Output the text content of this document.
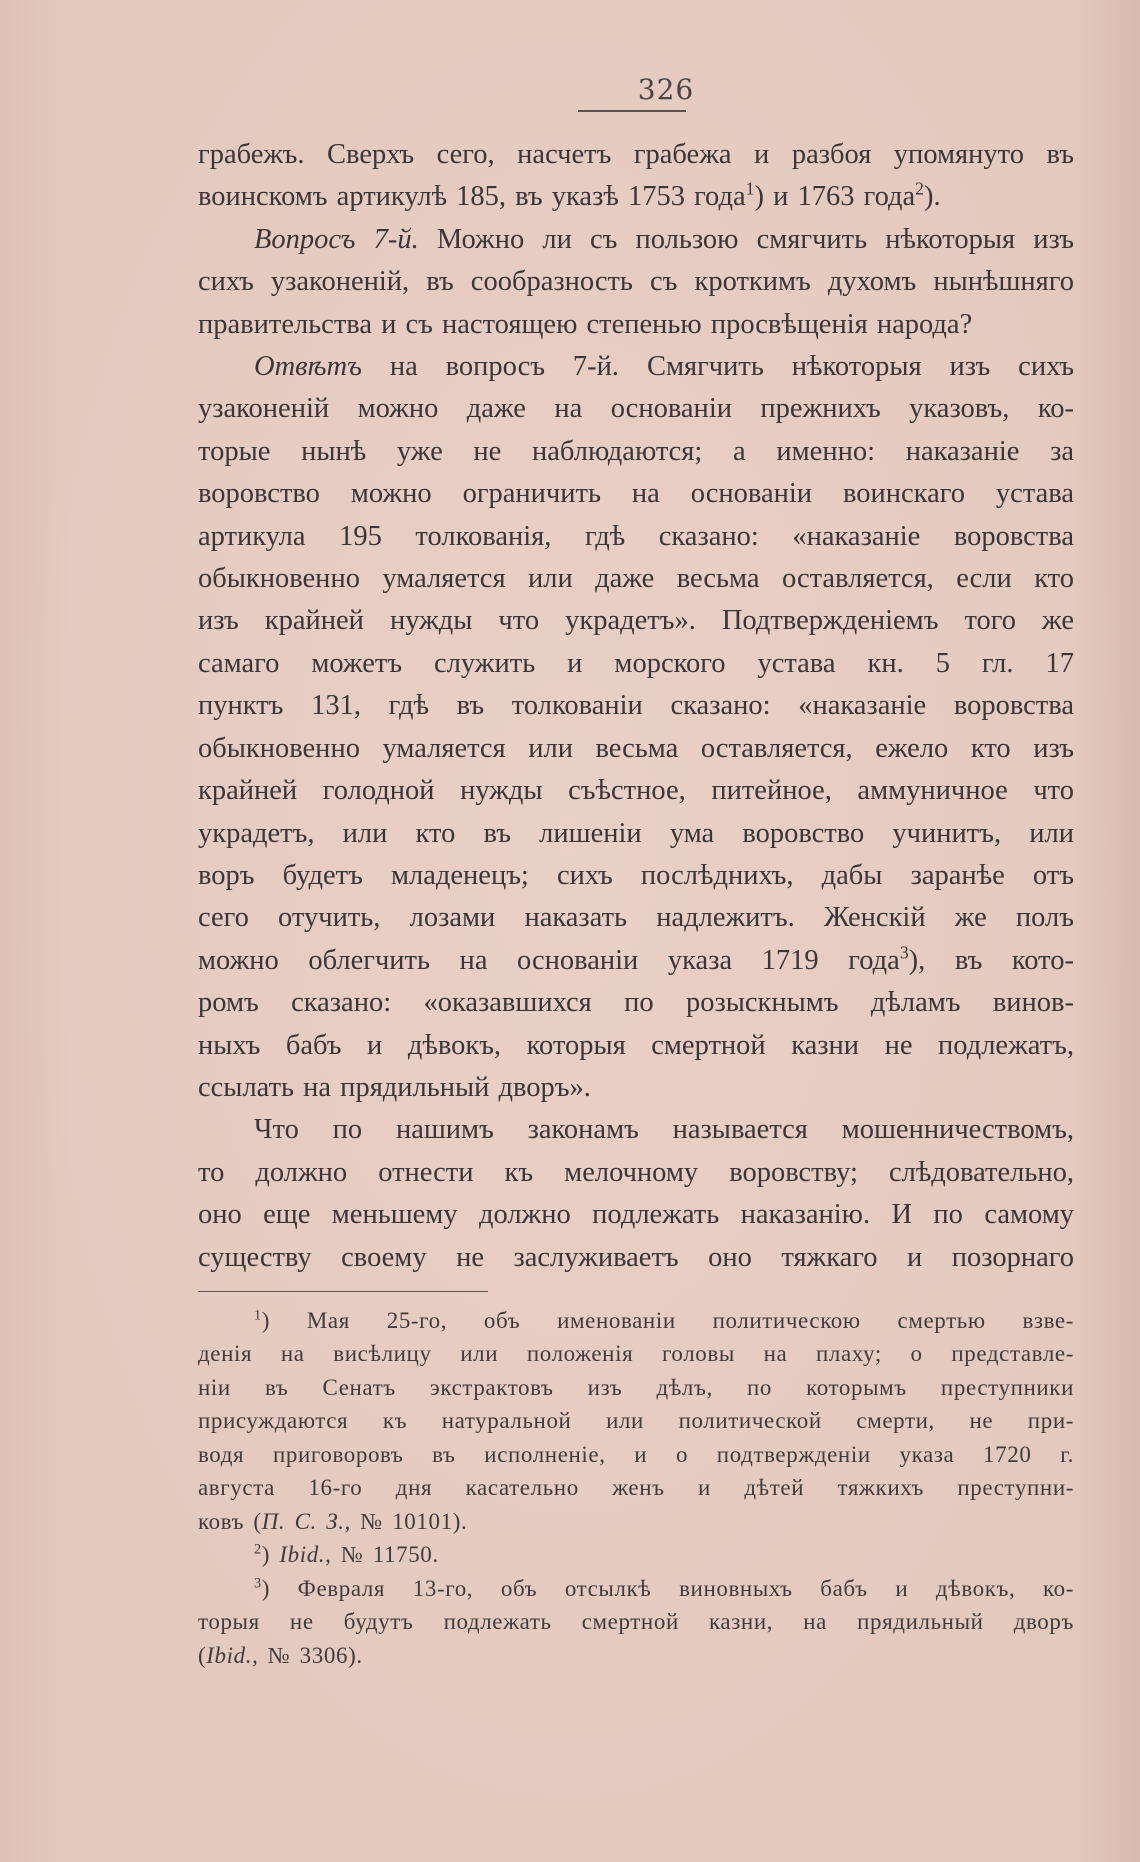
326
грабежъ. Сверхъ сего, насчетъ грабежа и разбоя упомянуто въ
воинскомъ артикулѣ 185, въ указѣ 1753 года$^1$) и 1763 года$^2$).
Вопросъ 7-й. Можно ли съ пользою смягчить нѣкоторыя изъ
сихъ узаконеній, въ сообразность съ кроткимъ духомъ нынѣшняго
правительства и съ настоящею степенью просвѣщенія народа?
Отвѣтъ на вопросъ 7-й. Смягчить нѣкоторыя изъ сихъ
узаконеній можно даже на основаніи прежнихъ указовъ, ко-
торые нынѣ уже не наблюдаются; а именно: наказаніе за
воровство можно ограничить на основаніи воинскаго устава
артикула 195 толкованія, гдѣ сказано: «наказаніе воровства
обыкновенно умаляется или даже весьма оставляется, если кто
изъ крайней нужды что украдетъ». Подтвержденіемъ того же
самаго можетъ служить и морского устава кн. 5 гл. 17
пунктъ 131, гдѣ въ толкованіи сказано: «наказаніе воровства
обыкновенно умаляется или весьма оставляется, ежело кто изъ
крайней голодной нужды съѣстное, питейное, аммуничное что
украдетъ, или кто въ лишеніи ума воровство учинитъ, или
воръ будетъ младенецъ; сихъ послѣднихъ, дабы заранѣе отъ
сего отучить, лозами наказать надлежитъ. Женскій же полъ
можно облегчить на основаніи указа 1719 года$^3$), въ кото-
ромъ сказано: «оказавшихся по розыскнымъ дѣламъ винов-
ныхъ бабъ и дѣвокъ, которыя смертной казни не подлежатъ,
ссылать на прядильный дворъ».
Что по нашимъ законамъ называется мошенничествомъ,
то должно отнести къ мелочному воровству; слѣдовательно,
оно еще меньшему должно подлежать наказанію. И по самому
существу своему не заслуживаетъ оно тяжкаго и позорнаго
$^1$) Мая 25-го, объ именованіи политическою смертью взве-
денія на висѣлицу или положенія головы на плаху; о представле-
ніи въ Сенатъ экстрактовъ изъ дѣлъ, по которымъ преступники
присуждаются къ натуральной или политической смерти, не при-
водя приговоровъ въ исполненіе, и о подтвержденіи указа 1720 г.
августа 16-го дня касательно женъ и дѣтей тяжкихъ преступни-
ковъ (П. С. З., № 10101).
$^2$) Ibid., № 11750.
$^3$) Февраля 13-го, объ отсылкѣ виновныхъ бабъ и дѣвокъ, ко-
торыя не будутъ подлежать смертной казни, на прядильный дворъ
(Ibid., № 3306).
